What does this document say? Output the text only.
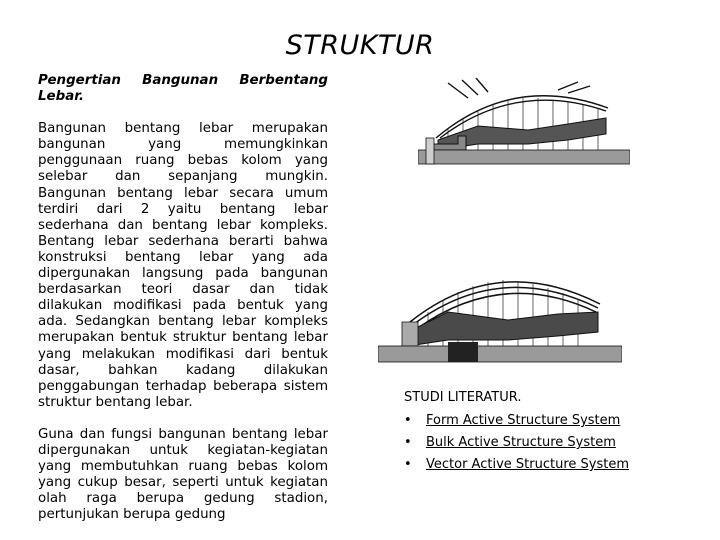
STRUKTUR

Pengertian Bangunan Berbentang Lebar.

Bangunan bentang lebar merupakan bangunan yang memungkinkan penggunaan ruang bebas kolom yang selebar dan sepanjang mungkin. Bangunan bentang lebar secara umum terdiri dari 2 yaitu bentang lebar sederhana dan bentang lebar kompleks. Bentang lebar sederhana berarti bahwa konstruksi bentang lebar yang ada dipergunakan langsung pada bangunan berdasarkan teori dasar dan tidak dilakukan modifikasi pada bentuk yang ada. Sedangkan bentang lebar kompleks merupakan bentuk struktur bentang lebar yang melakukan modifikasi dari bentuk dasar, bahkan kadang dilakukan penggabungan terhadap beberapa sistem struktur bentang lebar.

Guna dan fungsi bangunan bentang lebar dipergunakan untuk kegiatan-kegiatan yang membutuhkan ruang bebas kolom yang cukup besar, seperti untuk kegiatan olah raga berupa gedung stadion, pertunjukan berupa gedung

STUDI LITERATUR.

• Form Active Structure System
• Bulk Active Structure System
• Vector Active Structure System
